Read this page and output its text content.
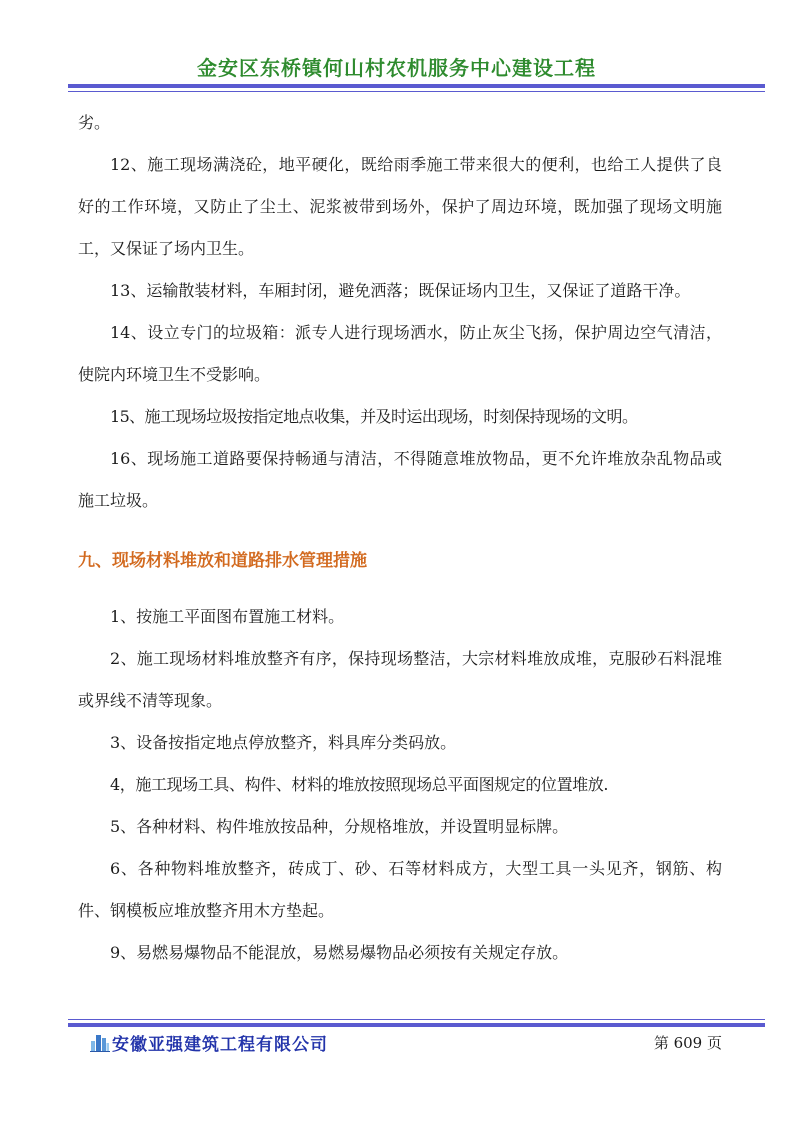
金安区东桥镇何山村农机服务中心建设工程

劣。

12、施工现场满浇砼，地平硬化，既给雨季施工带来很大的便利，也给工人提供了良好的工作环境，又防止了尘土、泥浆被带到场外，保护了周边环境，既加强了现场文明施工，又保证了场内卫生。

13、运输散装材料，车厢封闭，避免洒落；既保证场内卫生，又保证了道路干净。

14、设立专门的垃圾箱：派专人进行现场洒水，防止灰尘飞扬，保护周边空气清洁，使院内环境卫生不受影响。

15、施工现场垃圾按指定地点收集，并及时运出现场，时刻保持现场的文明。

16、现场施工道路要保持畅通与清洁，不得随意堆放物品，更不允许堆放杂乱物品或施工垃圾。

九、现场材料堆放和道路排水管理措施

1、按施工平面图布置施工材料。

2、施工现场材料堆放整齐有序，保持现场整洁，大宗材料堆放成堆，克服砂石料混堆或界线不清等现象。

3、设备按指定地点停放整齐，料具库分类码放。

4，施工现场工具、构件、材料的堆放按照现场总平面图规定的位置堆放.

5、各种材料、构件堆放按品种，分规格堆放，并设置明显标牌。

6、各种物料堆放整齐，砖成丁、砂、石等材料成方，大型工具一头见齐，钢筋、构件、钢模板应堆放整齐用木方垫起。

9、易燃易爆物品不能混放，易燃易爆物品必须按有关规定存放。

安徽亚强建筑工程有限公司	第 609 页
